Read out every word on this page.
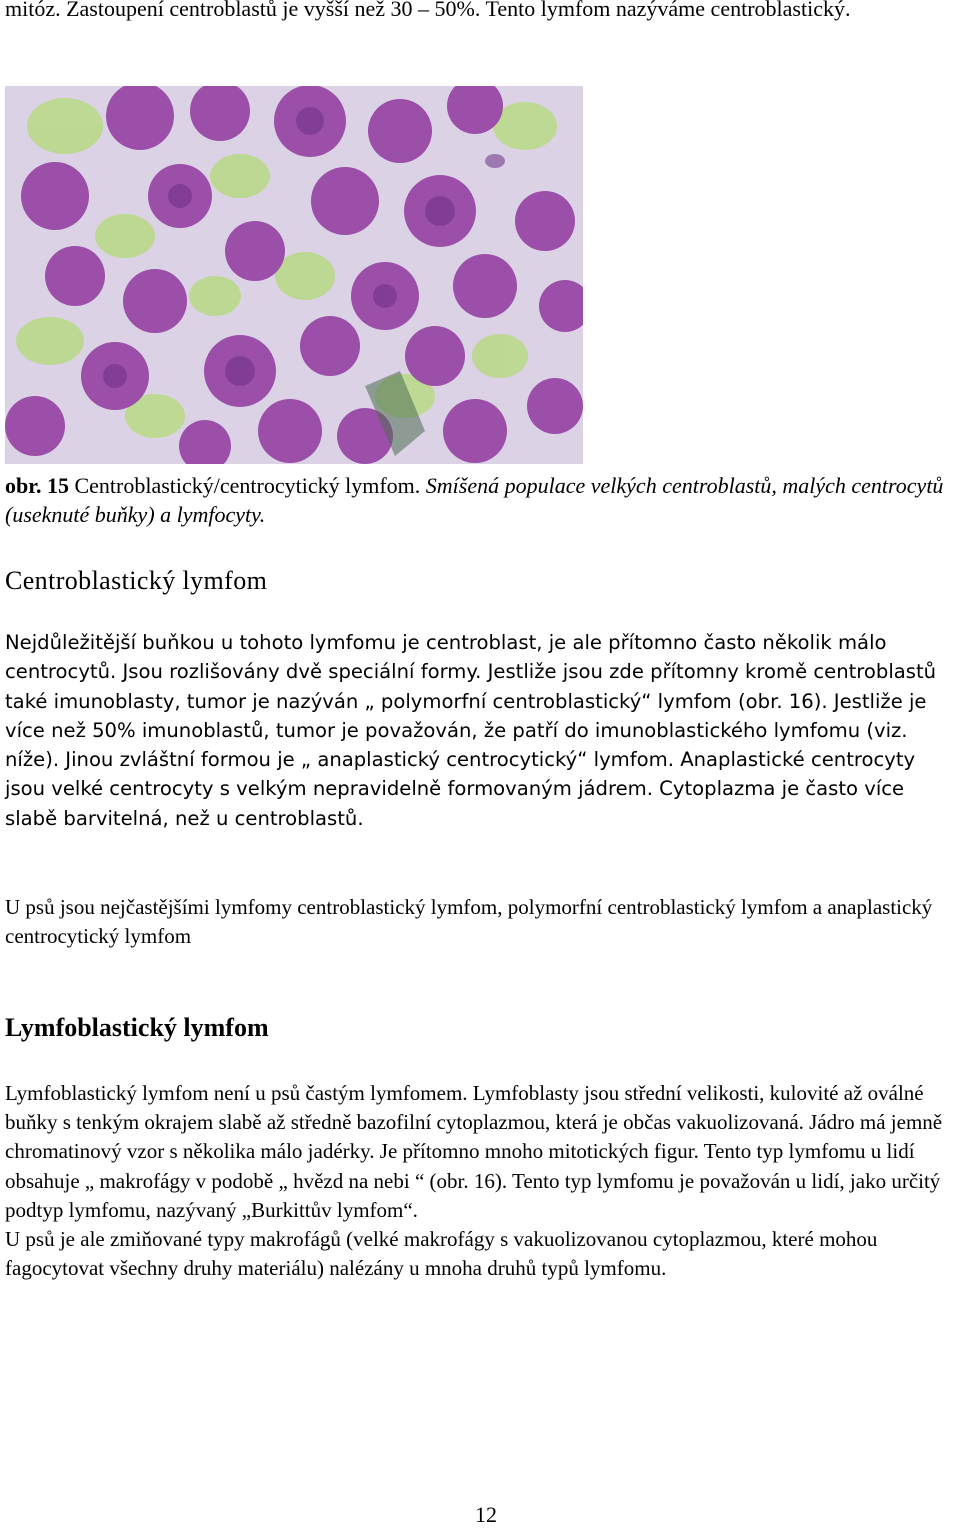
mitóz. Zastoupení centroblastů je vyšší než 30 – 50%. Tento lymfom nazýváme centroblastický.
obr. 15 Centroblastický/centrocytický lymfom. Smíšená populace velkých centroblastů, malých centrocytů (useknuté buňky) a lymfocyty.
Centroblastický lymfom
Nejdůležitější buňkou u tohoto lymfomu je centroblast, je ale přítomno často několik málo centrocytů. Jsou rozlišovány dvě speciální formy. Jestliže jsou zde přítomny kromě centroblastů také imunoblasty, tumor je nazýván „ polymorfní centroblastický“ lymfom (obr. 16). Jestliže je více než 50% imunoblastů, tumor je považován, že patří do imunoblastického lymfomu (viz. níže). Jinou zvláštní formou je „ anaplastický centrocytický“ lymfom. Anaplastické centrocyty jsou velké centrocyty s velkým nepravidelně formovaným jádrem. Cytoplazma je často více slabě barvitelná, než u centroblastů.
U psů jsou nejčastějšími lymfomy centroblastický lymfom, polymorfní centroblastický lymfom a anaplastický centrocytický lymfom
Lymfoblastický lymfom
Lymfoblastický lymfom není u psů častým lymfomem. Lymfoblasty jsou střední velikosti, kulovité až oválné buňky s tenkým okrajem slabě až středně bazofilní cytoplazmou, která je občas vakuolizovaná. Jádro má jemně chromatinový vzor s několika málo jadérky. Je přítomno mnoho mitotických figur. Tento typ lymfomu u lidí obsahuje „ makrofágy v podobě „ hvězd na nebi “ (obr. 16). Tento typ lymfomu je považován u lidí, jako určitý podtyp lymfomu, nazývaný „Burkittův lymfom“.
U psů je ale zmiňované typy makrofágů (velké makrofágy s vakuolizovanou cytoplazmou, které mohou fagocytovat všechny druhy materiálu) nalézány u mnoha druhů typů lymfomu.
12
